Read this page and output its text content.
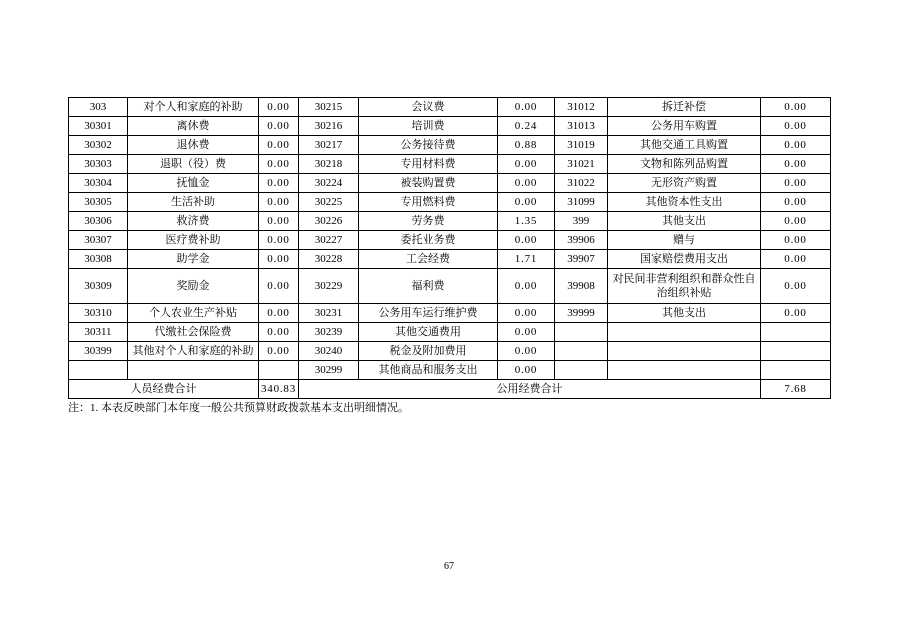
303	对个人和家庭的补助	0.00	30215	会议费	0.00	31012	拆迁补偿	0.00
30301	离休费	0.00	30216	培训费	0.24	31013	公务用车购置	0.00
30302	退休费	0.00	30217	公务接待费	0.88	31019	其他交通工具购置	0.00
30303	退职（役）费	0.00	30218	专用材料费	0.00	31021	文物和陈列品购置	0.00
30304	抚恤金	0.00	30224	被装购置费	0.00	31022	无形资产购置	0.00
30305	生活补助	0.00	30225	专用燃料费	0.00	31099	其他资本性支出	0.00
30306	救济费	0.00	30226	劳务费	1.35	399	其他支出	0.00
30307	医疗费补助	0.00	30227	委托业务费	0.00	39906	赠与	0.00
30308	助学金	0.00	30228	工会经费	1.71	39907	国家赔偿费用支出	0.00
30309	奖励金	0.00	30229	福利费	0.00	39908	对民间非营利组织和群众性自治组织补贴	0.00
30310	个人农业生产补贴	0.00	30231	公务用车运行维护费	0.00	39999	其他支出	0.00
30311	代缴社会保险费	0.00	30239	其他交通费用	0.00			
30399	其他对个人和家庭的补助	0.00	30240	税金及附加费用	0.00			
			30299	其他商品和服务支出	0.00			
人员经费合计		340.83	公用经费合计					7.68
注：1. 本表反映部门本年度一般公共预算财政拨款基本支出明细情况。
67
